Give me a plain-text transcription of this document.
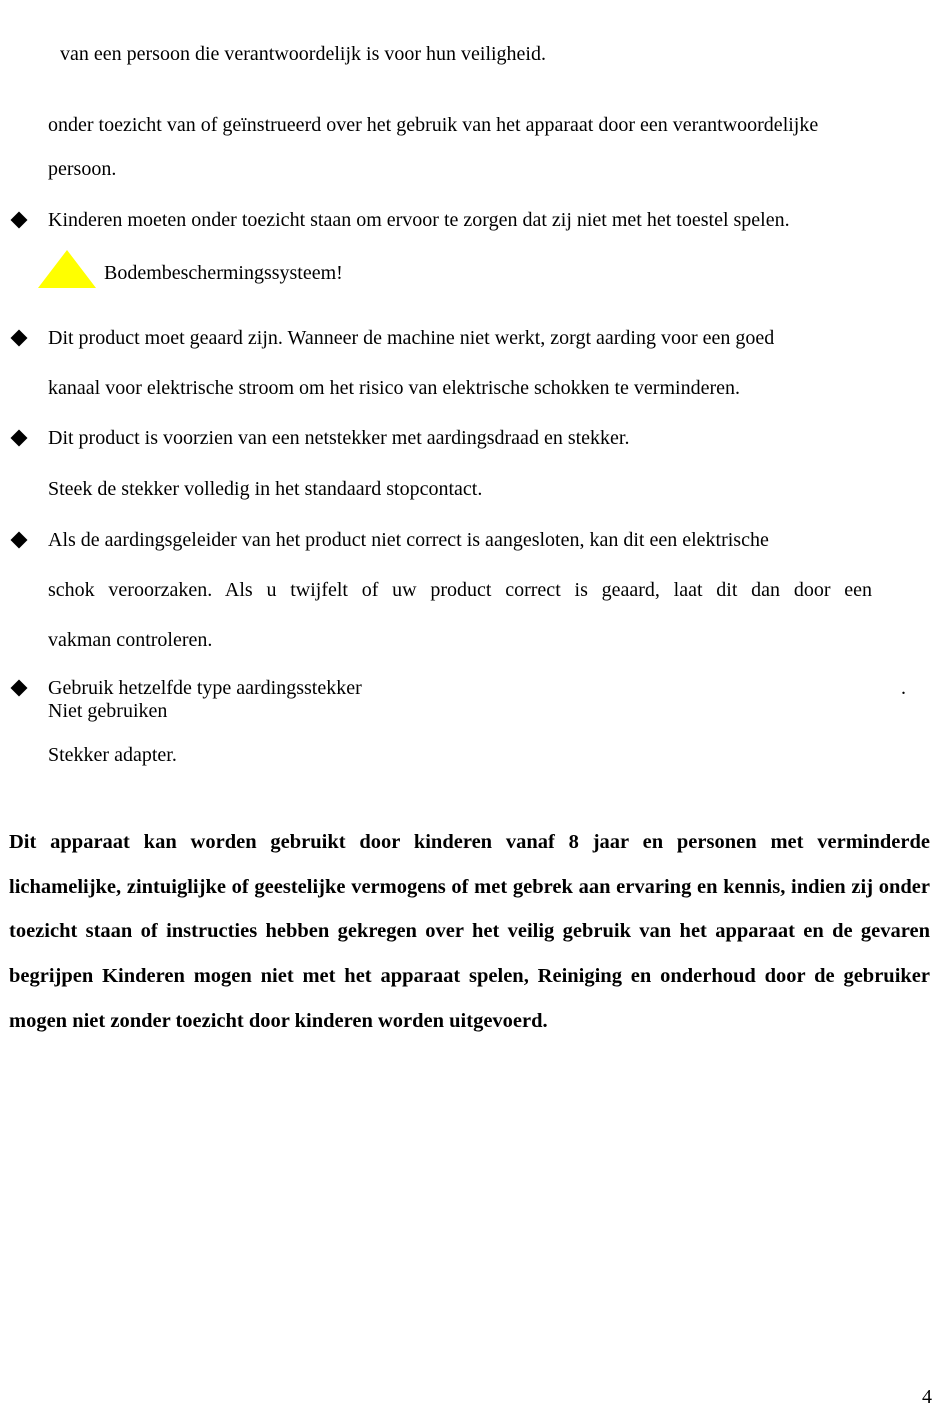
van een persoon die verantwoordelijk is voor hun veiligheid.
onder toezicht van of geïnstrueerd over het gebruik van het apparaat door een verantwoordelijke
persoon.
Kinderen moeten onder toezicht staan om ervoor te zorgen dat zij niet met het toestel spelen.
Bodembeschermingssysteem!
Dit product moet geaard zijn. Wanneer de machine niet werkt, zorgt aarding voor een goed
kanaal voor elektrische stroom om het risico van elektrische schokken te verminderen.
Dit product is voorzien van een netstekker met aardingsdraad en stekker.
Steek de stekker volledig in het standaard stopcontact.
Als de aardingsgeleider van het product niet correct is aangesloten, kan dit een elektrische
schok veroorzaken. Als u twijfelt of uw product correct is geaard, laat dit dan door een
vakman controleren.
Gebruik hetzelfde type aardingsstekker	.
Niet gebruiken
Stekker adapter.
Dit apparaat kan worden gebruikt door kinderen vanaf 8 jaar en personen met verminderde lichamelijke, zintuiglijke of geestelijke vermogens of met gebrek aan ervaring en kennis, indien zij onder toezicht staan of instructies hebben gekregen over het veilig gebruik van het apparaat en de gevaren begrijpen Kinderen mogen niet met het apparaat spelen, Reiniging en onderhoud door de gebruiker mogen niet zonder toezicht door kinderen worden uitgevoerd.
4
